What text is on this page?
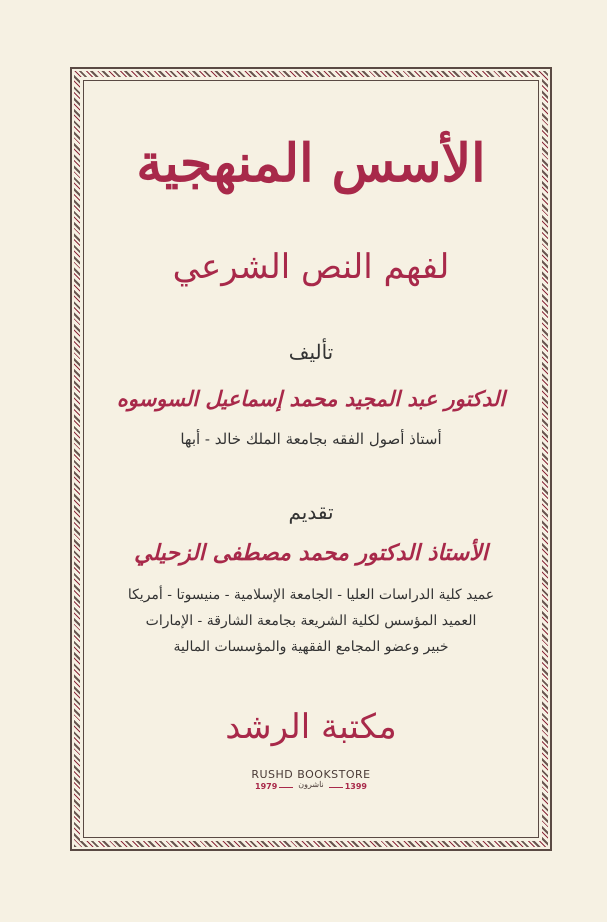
الأسس المنهجية
لفهم النص الشرعي
تأليف
الدكتور عبد المجيد محمد إسماعيل السوسوه
أستاذ أصول الفقه بجامعة الملك خالد - أبها
تقديم
الأستاذ الدكتور محمد مصطفى الزحيلي
عميد كلية الدراسات العليا - الجامعة الإسلامية - منيسوتا - أمريكا
العميد المؤسس لكلية الشريعة بجامعة الشارقة - الإمارات
خبير وعضو المجامع الفقهية والمؤسسات المالية
مكتبة الرشد
RUSHD BOOKSTORE
1979	ناشرون	1399
